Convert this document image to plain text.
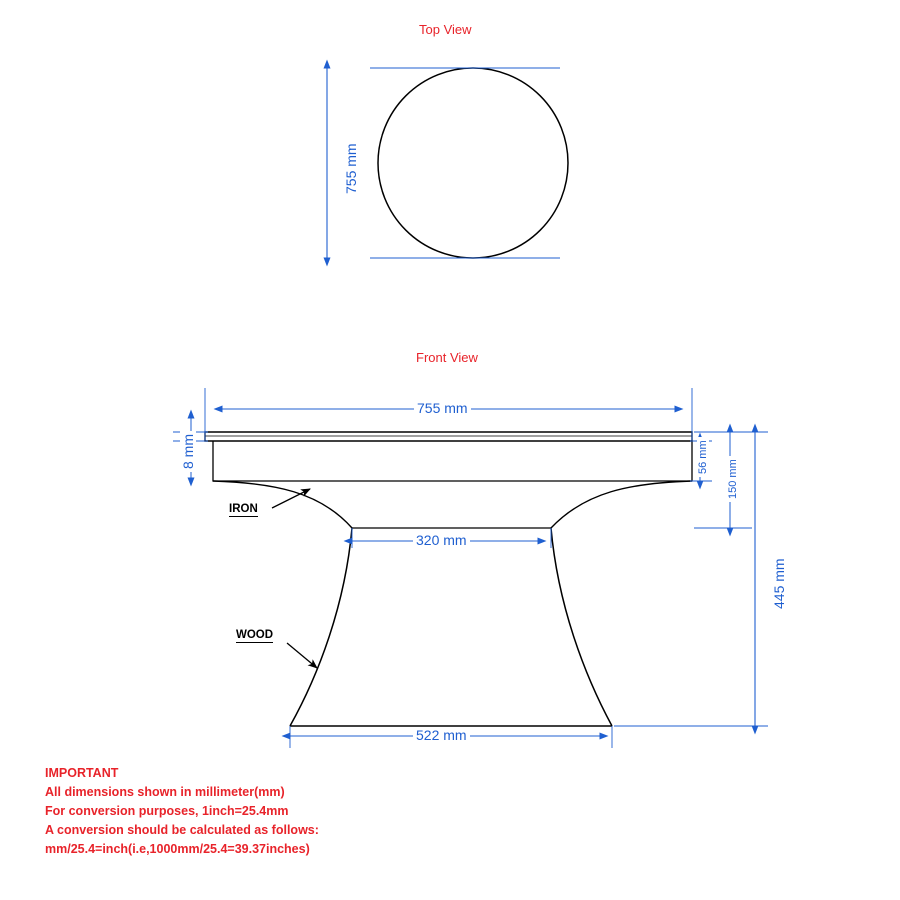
Top View
Front View
755 mm
755 mm
8 mm	56 mm
150 mm
445 mm
320 mm
522 mm
IRON
WOOD
IMPORTANT
All dimensions shown in millimeter(mm)
For conversion purposes, 1inch=25.4mm
A conversion should be calculated as follows:
mm/25.4=inch(i.e,1000mm/25.4=39.37inches)
